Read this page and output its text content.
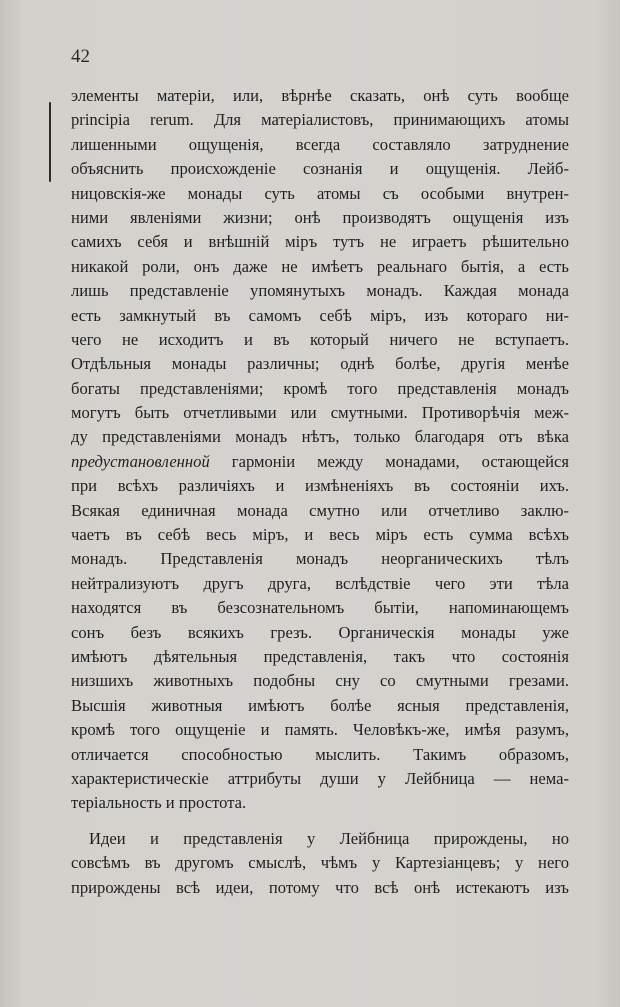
42
элементы матерiи, или, вѣрнѣе сказать, онѣ суть вообще
principia rerum. Для матерiалистовъ, принимающихъ атомы
лишенными ощущенiя, всегда составляло затруднение
объяснить происхожденiе сознанiя и ощущенiя. Лейб-
ницовскiя-же монады суть атомы съ особыми внутрен-
ними явленiями жизни; онѣ производятъ ощущенiя изъ
самихъ себя и внѣшнiй мiръ тутъ не играетъ рѣшительно
никакой роли, онъ даже не имѣетъ реальнаго бытiя, а есть
лишь представленiе упомянутыхъ монадъ. Каждая монада
есть замкнутый въ самомъ себѣ мiръ, изъ котораго ни-
чего не исходитъ и въ который ничего не вступаетъ.
Отдѣльныя монады различны; однѣ болѣе, другiя менѣе
богаты представленiями; кромѣ того представленiя монадъ
могутъ быть отчетливыми или смутными. Противорѣчiя меж-
ду представленiями монадъ нѣтъ, только благодаря отъ вѣка
предустановленной гармонiи между монадами, остающейся
при всѣхъ различiяхъ и измѣненiяхъ въ состоянiи ихъ.
Всякая единичная монада смутно или отчетливо заклю-
чаетъ въ себѣ весь мiръ, и весь мiръ есть сумма всѣхъ
монадъ. Представленiя монадъ неорганическихъ тѣлъ
нейтрализуютъ другъ друга, вслѣдствiе чего эти тѣла
находятся въ безсознательномъ бытiи, напоминающемъ
сонъ безъ всякихъ грезъ. Органическiя монады уже
имѣютъ дѣятельныя представленiя, такъ что состоянiя
низшихъ животныхъ подобны сну со смутными грезами.
Высшiя животныя имѣютъ болѣе ясныя представленiя,
кромѣ того ощущенiе и память. Человѣкъ-же, имѣя разумъ,
отличается способностью мыслить. Такимъ образомъ,
характеристическiе аттрибуты души у Лейбница — нема-
терiальность и простота.
Идеи и представленiя у Лейбница прирождены, но
совсѣмъ въ другомъ смыслѣ, чѣмъ у Картезiанцевъ; у него
прирождены всѣ идеи, потому что всѣ онѣ истекаютъ изъ
